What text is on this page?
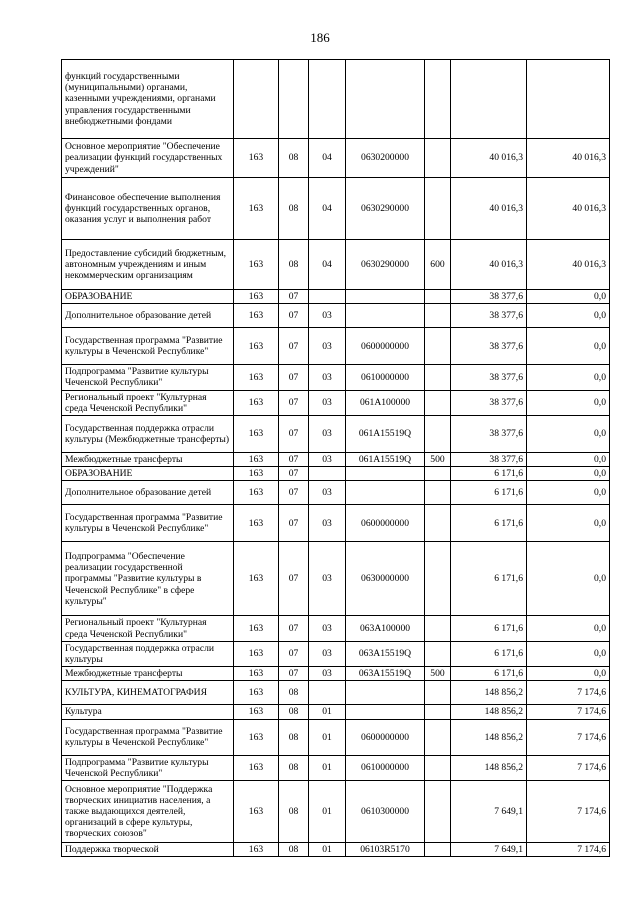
186
функций государственными (муниципальными) органами, казенными учреждениями, органами управления государственными внебюджетными фондами							
Основное мероприятие "Обеспечение реализации функций государственных учреждений"	163	08	04	0630200000		40 016,3	40 016,3
Финансовое обеспечение выполнения функций государственных органов, оказания услуг и выполнения работ	163	08	04	0630290000		40 016,3	40 016,3
Предоставление субсидий бюджетным, автономным учреждениям и иным некоммерческим организациям	163	08	04	0630290000	600	40 016,3	40 016,3
ОБРАЗОВАНИЕ	163	07				38 377,6	0,0
Дополнительное образование детей	163	07	03			38 377,6	0,0
Государственная программа "Развитие культуры в Чеченской Республике"	163	07	03	0600000000		38 377,6	0,0
Подпрограмма "Развитие культуры Чеченской Республики"	163	07	03	0610000000		38 377,6	0,0
Региональный проект "Культурная среда Чеченской Республики"	163	07	03	061A100000		38 377,6	0,0
Государственная поддержка отрасли культуры (Межбюджетные трансферты)	163	07	03	061A15519Q		38 377,6	0,0
Межбюджетные трансферты	163	07	03	061A15519Q	500	38 377,6	0,0
ОБРАЗОВАНИЕ	163	07				6 171,6	0,0
Дополнительное образование детей	163	07	03			6 171,6	0,0
Государственная программа "Развитие культуры в Чеченской Республике"	163	07	03	0600000000		6 171,6	0,0
Подпрограмма "Обеспечение реализации государственной программы "Развитие культуры в Чеченской Республике" в сфере культуры"	163	07	03	0630000000		6 171,6	0,0
Региональный проект "Культурная среда Чеченской Республики"	163	07	03	063A100000		6 171,6	0,0
Государственная поддержка отрасли культуры	163	07	03	063A15519Q		6 171,6	0,0
Межбюджетные трансферты	163	07	03	063A15519Q	500	6 171,6	0,0
КУЛЬТУРА, КИНЕМАТОГРАФИЯ	163	08				148 856,2	7 174,6
Культура	163	08	01			148 856,2	7 174,6
Государственная программа "Развитие культуры в Чеченской Республике"	163	08	01	0600000000		148 856,2	7 174,6
Подпрограмма "Развитие культуры Чеченской Республики"	163	08	01	0610000000		148 856,2	7 174,6
Основное мероприятие "Поддержка творческих инициатив населения, а также выдающихся деятелей, организаций в сфере культуры, творческих союзов"	163	08	01	0610300000		7 649,1	7 174,6
Поддержка творческой	163	08	01	06103R5170		7 649,1	7 174,6
